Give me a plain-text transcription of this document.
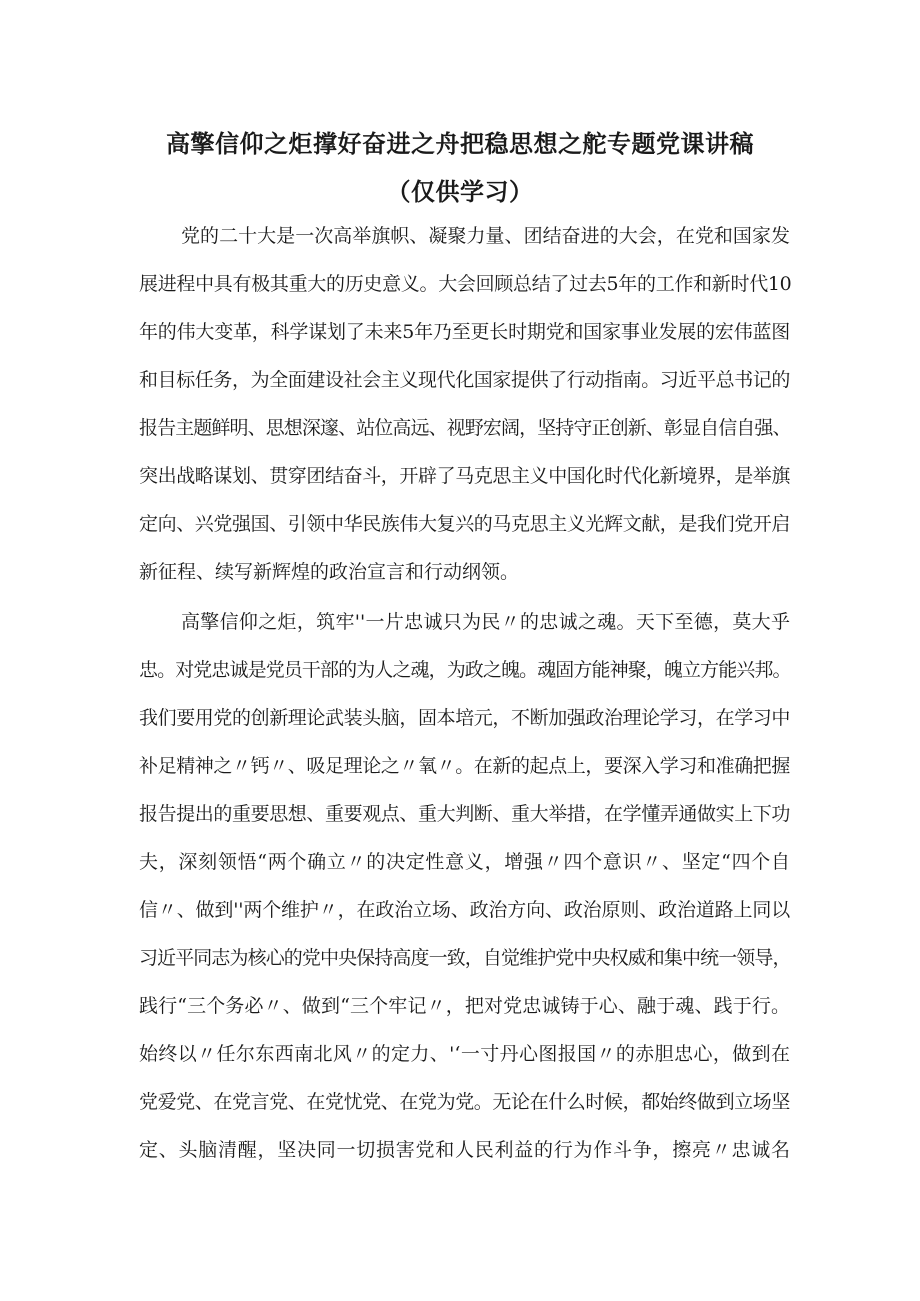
高擎信仰之炬撑好奋进之舟把稳思想之舵专题党课讲稿
（仅供学习）
党的二十大是一次高举旗帜、凝聚力量、团结奋进的大会，在党和国家发
展进程中具有极其重大的历史意义。大会回顾总结了过去5年的工作和新时代10
年的伟大变革，科学谋划了未来5年乃至更长时期党和国家事业发展的宏伟蓝图
和目标任务，为全面建设社会主义现代化国家提供了行动指南。习近平总书记的
报告主题鲜明、思想深邃、站位高远、视野宏阔，坚持守正创新、彰显自信自强、
突出战略谋划、贯穿团结奋斗，开辟了马克思主义中国化时代化新境界，是举旗
定向、兴党强国、引领中华民族伟大复兴的马克思主义光辉文献，是我们党开启
新征程、续写新辉煌的政治宣言和行动纲领。
高擎信仰之炬，筑牢''一片忠诚只为民〃的忠诚之魂。天下至德，莫大乎
忠。对党忠诚是党员干部的为人之魂，为政之魄。魂固方能神聚，魄立方能兴邦。
我们要用党的创新理论武装头脑，固本培元，不断加强政治理论学习，在学习中
补足精神之〃钙〃、吸足理论之〃氧〃。在新的起点上，要深入学习和准确把握
报告提出的重要思想、重要观点、重大判断、重大举措，在学懂弄通做实上下功
夫，深刻领悟“两个确立〃的决定性意义，增强〃四个意识〃、坚定“四个自
信〃、做到''两个维护〃，在政治立场、政治方向、政治原则、政治道路上同以
习近平同志为核心的党中央保持高度一致，自觉维护党中央权威和集中统一领导，
践行“三个务必〃、做到“三个牢记〃，把对党忠诚铸于心、融于魂、践于行。
始终以〃任尔东西南北风〃的定力、'‘一寸丹心图报国〃的赤胆忠心，做到在
党爱党、在党言党、在党忧党、在党为党。无论在什么时候，都始终做到立场坚
定、头脑清醒，坚决同一切损害党和人民利益的行为作斗争，擦亮〃忠诚名
